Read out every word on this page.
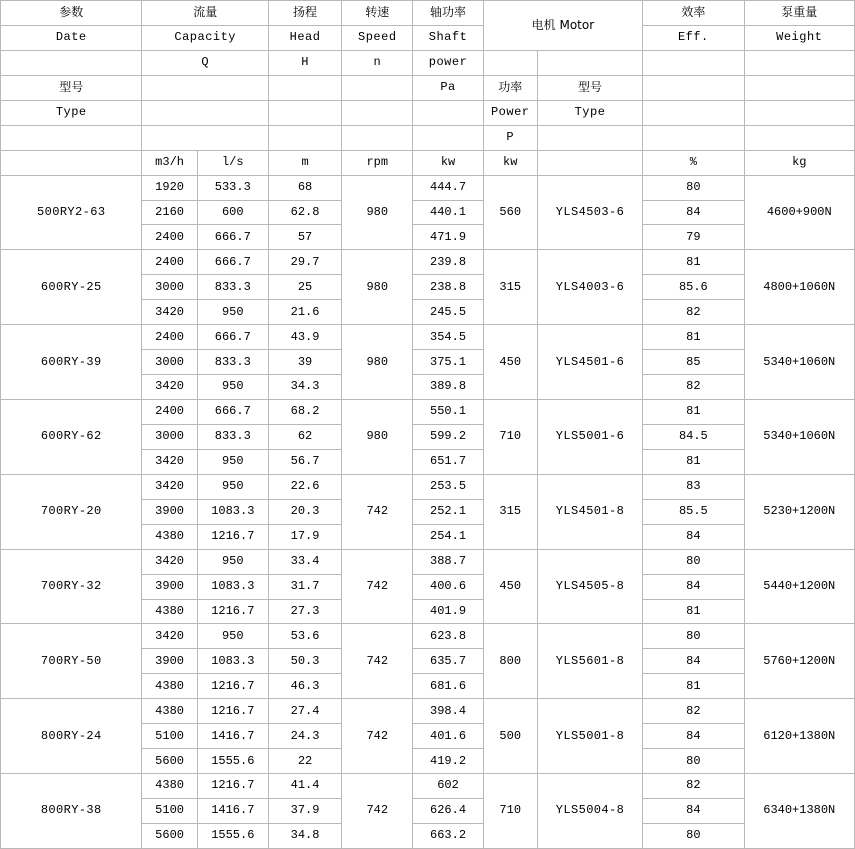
参数	流量		扬程	转速	轴功率	电机 Motor		效率	泵重量
Date	Capacity		Head	Speed	Shaft			Eff.	Weight
	Q		H	n	power				
型号					Pa	功率	型号		
Type						Power	Type		
						P			
	m3/h	l/s	m	rpm	kw	kw		%	kg
500RY2-63	1920	533.3	68	980	444.7	560	YLS4503-6	80	4600+900N
	2160	600	62.8		440.1			84	
	2400	666.7	57		471.9			79	
600RY-25	2400	666.7	29.7	980	239.8	315	YLS4003-6	81	4800+1060N
	3000	833.3	25		238.8			85.6	
	3420	950	21.6		245.5			82	
600RY-39	2400	666.7	43.9	980	354.5	450	YLS4501-6	81	5340+1060N
	3000	833.3	39		375.1			85	
	3420	950	34.3		389.8			82	
600RY-62	2400	666.7	68.2	980	550.1	710	YLS5001-6	81	5340+1060N
	3000	833.3	62		599.2			84.5	
	3420	950	56.7		651.7			81	
700RY-20	3420	950	22.6	742	253.5	315	YLS4501-8	83	5230+1200N
	3900	1083.3	20.3		252.1			85.5	
	4380	1216.7	17.9		254.1			84	
700RY-32	3420	950	33.4	742	388.7	450	YLS4505-8	80	5440+1200N
	3900	1083.3	31.7		400.6			84	
	4380	1216.7	27.3		401.9			81	
700RY-50	3420	950	53.6	742	623.8	800	YLS5601-8	80	5760+1200N
	3900	1083.3	50.3		635.7			84	
	4380	1216.7	46.3		681.6			81	
800RY-24	4380	1216.7	27.4	742	398.4	500	YLS5001-8	82	6120+1380N
	5100	1416.7	24.3		401.6			84	
	5600	1555.6	22		419.2			80	
800RY-38	4380	1216.7	41.4	742	602	710	YLS5004-8	82	6340+1380N
	5100	1416.7	37.9		626.4			84	
	5600	1555.6	34.8		663.2			80	
